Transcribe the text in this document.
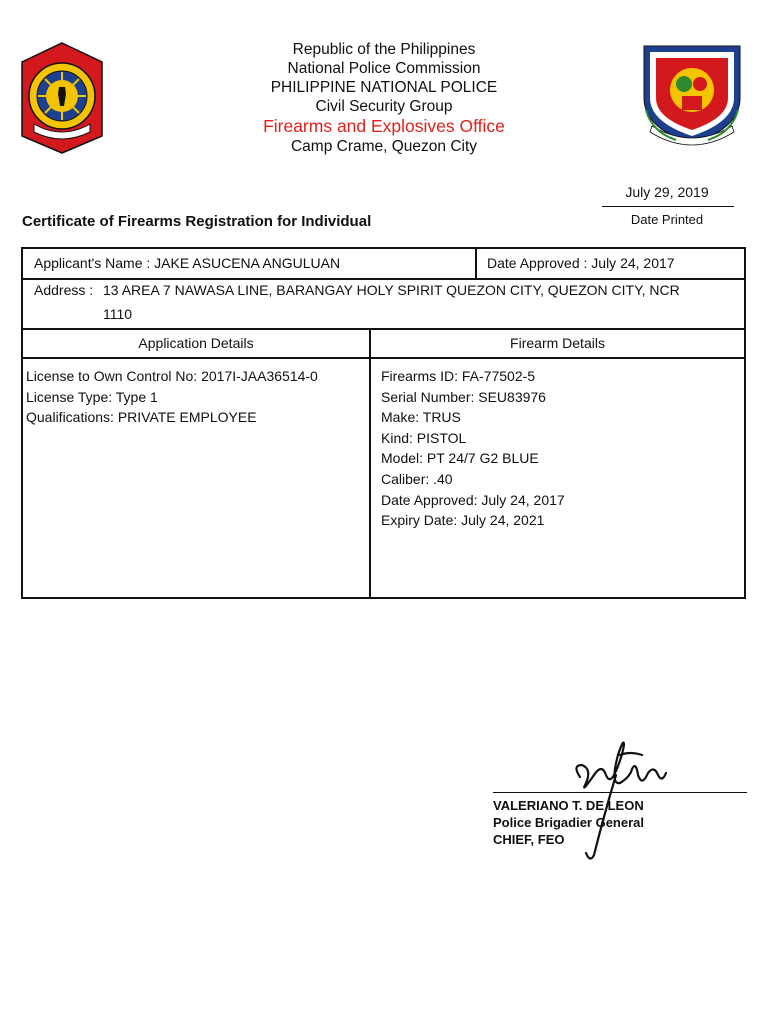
Republic of the Philippines
National Police Commission
PHILIPPINE NATIONAL POLICE
Civil Security Group
Firearms and Explosives Office
Camp Crame, Quezon City
July 29, 2019
Date Printed
Certificate of Firearms Registration for Individual
Applicant's Name : JAKE ASUCENA ANGULUAN	Date Approved : July 24, 2017
Address : 13 AREA 7 NAWASA LINE, BARANGAY HOLY SPIRIT QUEZON CITY, QUEZON CITY, NCR
1110
Application Details	Firearm Details
License to Own Control No: 2017I-JAA36514-0
License Type: Type 1
Qualifications: PRIVATE EMPLOYEE
Firearms ID: FA-77502-5
Serial Number: SEU83976
Make: TRUS
Kind: PISTOL
Model: PT 24/7 G2 BLUE
Caliber: .40
Date Approved: July 24, 2017
Expiry Date: July 24, 2021
VALERIANO T. DE LEON
Police Brigadier General
CHIEF, FEO
